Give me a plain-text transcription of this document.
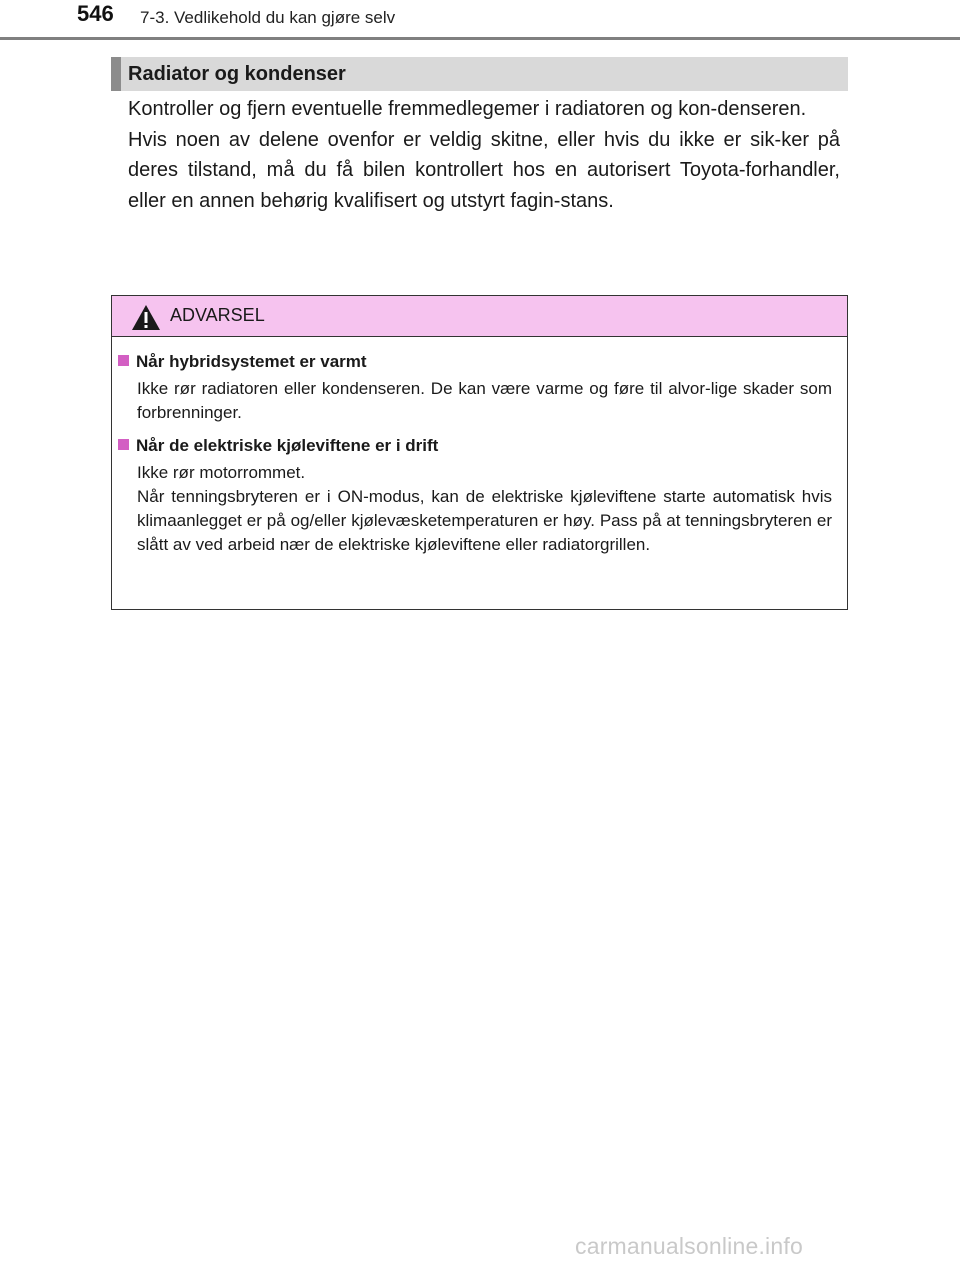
546 7-3. Vedlikehold du kan gjøre selv
Radiator og kondenser

Kontroller og fjern eventuelle fremmedlegemer i radiatoren og kon-denseren.

Hvis noen av delene ovenfor er veldig skitne, eller hvis du ikke er sik-ker på deres tilstand, må du få bilen kontrollert hos en autorisert Toyota-forhandler, eller en annen behørig kvalifisert og utstyrt fagin-stans.

ADVARSEL
Når hybridsystemet er varmt

Ikke rør radiatoren eller kondenseren. De kan være varme og føre til alvor-lige skader som forbrenninger.

Når de elektriske kjøleviftene er i drift

Ikke rør motorrommet.

Når tenningsbryteren er i ON-modus, kan de elektriske kjøleviftene starte automatisk hvis klimaanlegget er på og/eller kjølevæsketemperaturen er høy. Pass på at tenningsbryteren er slått av ved arbeid nær de elektriske kjøleviftene eller radiatorgrillen.

carmanualsonline.info
